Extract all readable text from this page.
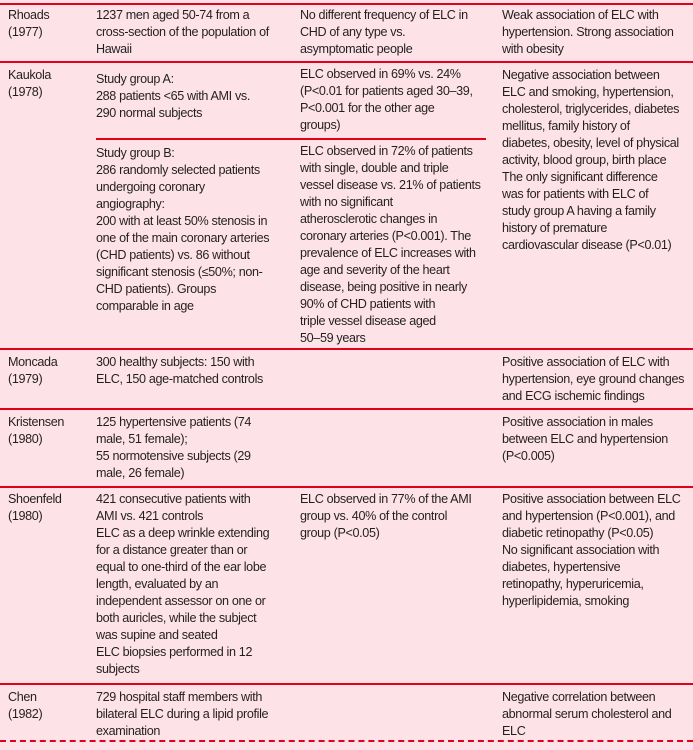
Rhoads
(1977)
1237 men aged 50-74 from a
cross-section of the population of
Hawaii
No different frequency of ELC in
CHD of any type vs.
asymptomatic people
Weak association of ELC with
hypertension. Strong association
with obesity
Kaukola
(1978)
Study group A:
288 patients <65 with AMI vs.
290 normal subjects
ELC observed in 69% vs. 24%
(P<0.01 for patients aged 30–39,
P<0.001 for the other age
groups)
Negative association between
ELC and smoking, hypertension,
cholesterol, triglycerides, diabetes
mellitus, family history of
diabetes, obesity, level of physical
activity, blood group, birth place
The only significant difference
was for patients with ELC of
study group A having a family
history of premature
cardiovascular disease (P<0.01)
Study group B:
286 randomly selected patients
undergoing coronary
angiography:
200 with at least 50% stenosis in
one of the main coronary arteries
(CHD patients) vs. 86 without
significant stenosis (≤50%; non-
CHD patients). Groups
comparable in age
ELC observed in 72% of patients
with single, double and triple
vessel disease vs. 21% of patients
with no significant
atherosclerotic changes in
coronary arteries (P<0.001). The
prevalence of ELC increases with
age and severity of the heart
disease, being positive in nearly
90% of CHD patients with
triple vessel disease aged
50–59 years
Moncada
(1979)
300 healthy subjects: 150 with
ELC, 150 age-matched controls
Positive association of ELC with
hypertension, eye ground changes
and ECG ischemic findings
Kristensen
(1980)
125 hypertensive patients (74
male, 51 female);
55 normotensive subjects (29
male, 26 female)
Positive association in males
between ELC and hypertension
(P<0.005)
Shoenfeld
(1980)
421 consecutive patients with
AMI vs. 421 controls
ELC as a deep wrinkle extending
for a distance greater than or
equal to one-third of the ear lobe
length, evaluated by an
independent assessor on one or
both auricles, while the subject
was supine and seated
ELC biopsies performed in 12
subjects
ELC observed in 77% of the AMI
group vs. 40% of the control
group (P<0.05)
Positive association between ELC
and hypertension (P<0.001), and
diabetic retinopathy (P<0.05)
No significant association with
diabetes, hypertensive
retinopathy, hyperuricemia,
hyperlipidemia, smoking
Chen
(1982)
729 hospital staff members with
bilateral ELC during a lipid profile
examination
Negative correlation between
abnormal serum cholesterol and
ELC
